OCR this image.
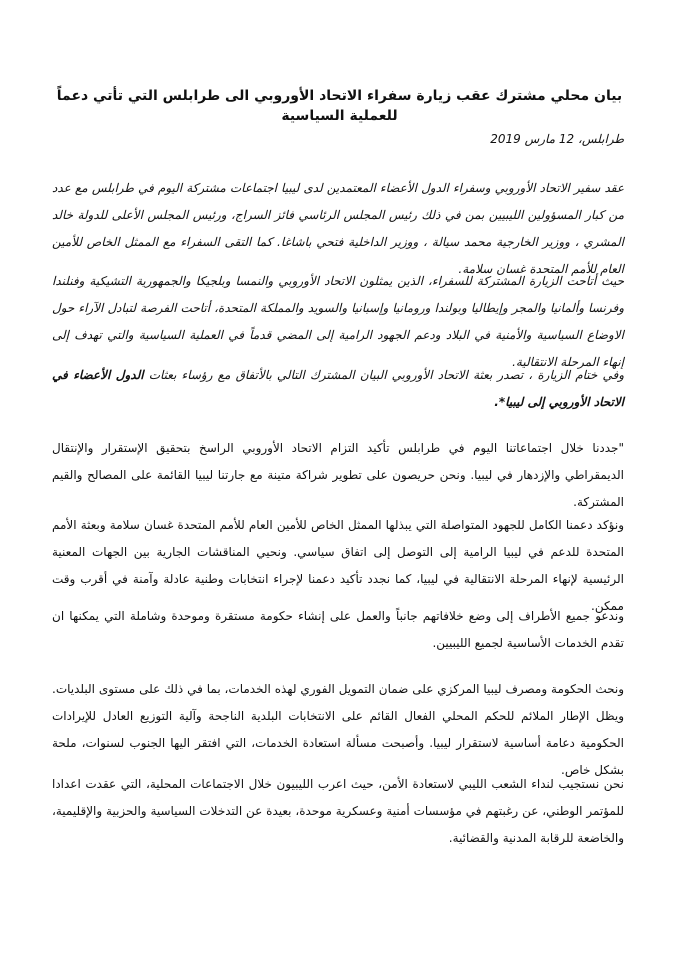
بيان محلي مشترك عقب زيارة سفراء الاتحاد الأوروبي الى طرابلس التي تأتي دعماً للعملية السياسية
طرابلس، 12 مارس 2019

عقد سفير الاتحاد الأوروبي وسفراء الدول الأعضاء المعتمدين لدى ليبيا اجتماعات مشتركة اليوم في طرابلس مع عدد من كبار المسؤولين الليبيين بمن في ذلك رئيس المجلس الرئاسي فائز السراج، ورئيس المجلس الأعلى للدولة خالد المشري ، ووزير الخارجية محمد سيالة ، ووزير الداخلية فتحي باشاغا. كما التقى السفراء مع الممثل الخاص للأمين العام للأمم المتحدة غسان سلامة.

حيث أتاحت الزيارة المشتركة للسفراء، الذين يمثلون الاتحاد الأوروبي والنمسا وبلجيكا والجمهورية التشيكية وفنلندا وفرنسا وألمانيا والمجر وإيطاليا وبولندا ورومانيا وإسبانيا والسويد والمملكة المتحدة، أتاحت الفرصة لتبادل الآراء حول الاوضاع السياسية والأمنية في البلاد ودعم الجهود الرامية إلى المضي قدماً في العملية السياسية والتي تهدف إلى إنهاء المرحلة الانتقالية.

وفي ختام الزيارة ، تصدر بعثة الاتحاد الأوروبي البيان المشترك التالي بالأتفاق مع رؤساء بعثات الدول الأعضاء في الاتحاد الأوروبي إلى ليبيا*.

"جددنا خلال اجتماعاتنا اليوم في طرابلس تأكيد التزام الاتحاد الأوروبي الراسخ بتحقيق الإستقرار والإنتقال الديمقراطي والإزدهار في ليبيا. ونحن حريصون على تطوير شراكة متينة مع جارتنا ليبيا القائمة على المصالح والقيم المشتركة.

ونؤكد دعمنا الكامل للجهود المتواصلة التي يبذلها الممثل الخاص للأمين العام للأمم المتحدة غسان سلامة وبعثة الأمم المتحدة للدعم في ليبيا الرامية إلى التوصل إلى اتفاق سياسي. ونحيي المناقشات الجارية بين الجهات المعنية الرئيسية لإنهاء المرحلة الانتقالية في ليبيا، كما نجدد تأكيد دعمنا لإجراء انتخابات وطنية عادلة وآمنة في أقرب وقت ممكن.

وندعو جميع الأطراف إلى وضع خلافاتهم جانباً والعمل على إنشاء حكومة مستقرة وموحدة وشاملة التي يمكنها ان تقدم الخدمات الأساسية لجميع الليبيين.

ونحث الحكومة ومصرف ليبيا المركزي على ضمان التمويل الفوري لهذه الخدمات، بما في ذلك على مستوى البلديات. ويظل الإطار الملائم للحكم المحلي الفعال القائم على الانتخابات البلدية الناجحة وآلية التوزيع العادل للإيرادات الحكومية دعامة أساسية لاستقرار ليبيا. وأصبحت مسألة استعادة الخدمات، التي افتقر اليها الجنوب لسنوات، ملحة بشكل خاص.

نحن نستجيب لنداء الشعب الليبي لاستعادة الأمن، حيث اعرب الليبيون خلال الاجتماعات المحلية، التي عقدت اعدادا للمؤتمر الوطني، عن رغبتهم في مؤسسات أمنية وعسكرية موحدة، بعيدة عن التدخلات السياسية والحزبية والإقليمية، والخاضعة للرقابة المدنية والقضائية.
